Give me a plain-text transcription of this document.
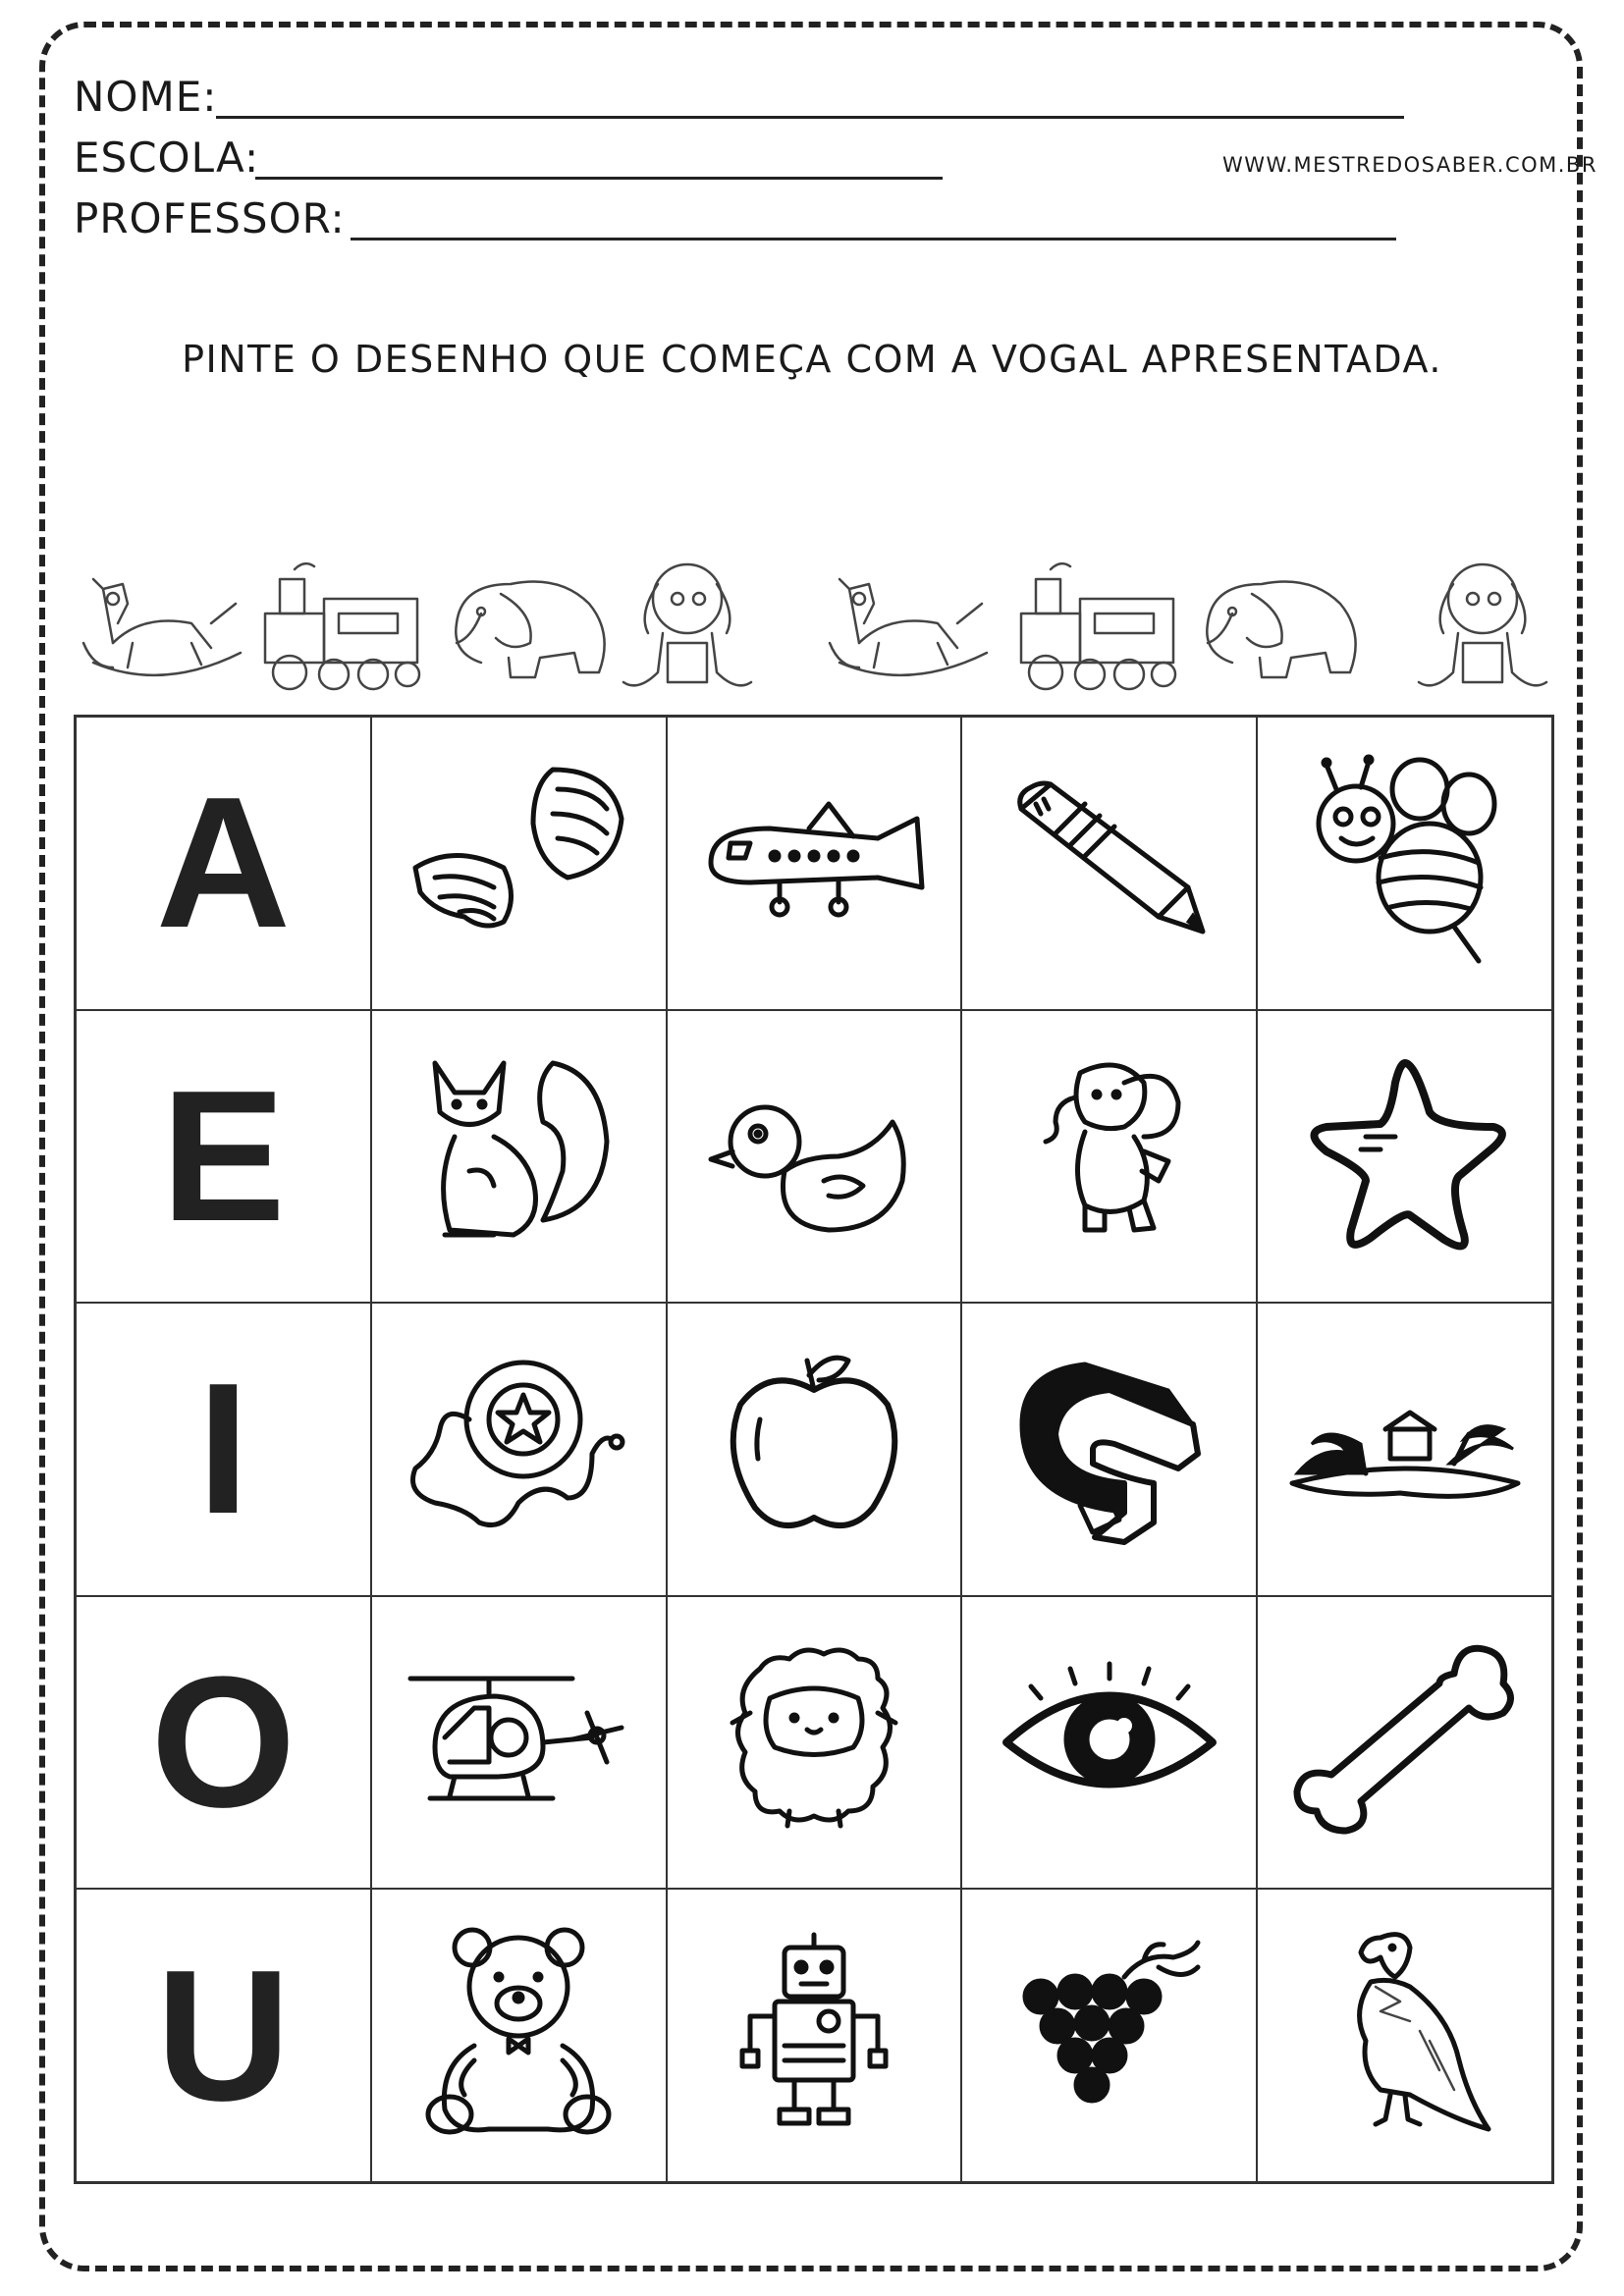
NOME:
ESCOLA:
PROFESSOR:
WWW.MESTREDOSABER.COM.BR
PINTE O DESENHO QUE COMEÇA COM A VOGAL APRESENTADA.
A
E
I
O
U
